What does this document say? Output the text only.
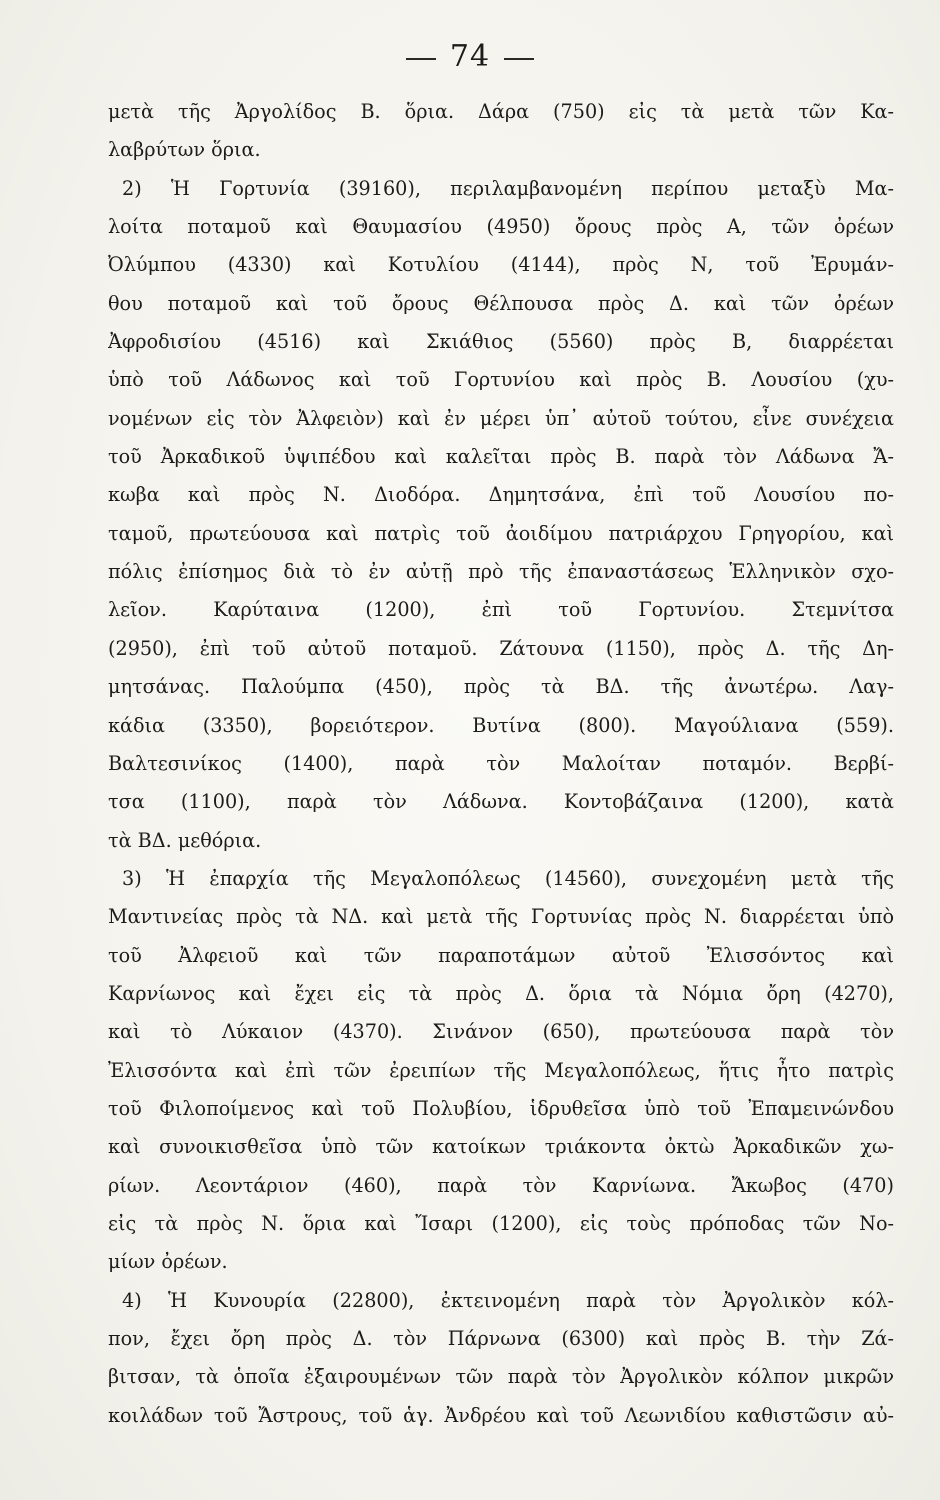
74
μετὰ τῆς Ἀργολίδος Β. ὅρια. Δάρα (750) εἰς τὰ μετὰ τῶν Κα-
λαβρύτων ὅρια.
2) Ἡ Γορτυνία (39160), περιλαμβανομένη περίπου μεταξὺ Μα-
λοίτα ποταμοῦ καὶ Θαυμασίου (4950) ὄρους πρὸς Α, τῶν ὀρέων
Ὀλύμπου (4330) καὶ Κοτυλίου (4144), πρὸς Ν, τοῦ Ἐρυμάν-
θου ποταμοῦ καὶ τοῦ ὄρους Θέλπουσα πρὸς Δ. καὶ τῶν ὀρέων
Ἀφροδισίου (4516) καὶ Σκιάθιος (5560) πρὸς Β, διαρρέεται
ὑπὸ τοῦ Λάδωνος καὶ τοῦ Γορτυνίου καὶ πρὸς Β. Λουσίου (χυ-
νομένων εἰς τὸν Ἀλφειὸν) καὶ ἐν μέρει ὑπ᾽ αὐτοῦ τούτου, εἶνε συνέχεια
τοῦ Ἀρκαδικοῦ ὑψιπέδου καὶ καλεῖται πρὸς Β. παρὰ τὸν Λάδωνα Ἄ-
κωβα καὶ πρὸς Ν. Διοδόρα. Δημητσάνα, ἐπὶ τοῦ Λουσίου πο-
ταμοῦ, πρωτεύουσα καὶ πατρὶς τοῦ ἀοιδίμου πατριάρχου Γρηγορίου, καὶ
πόλις ἐπίσημος διὰ τὸ ἐν αὐτῇ πρὸ τῆς ἐπαναστάσεως Ἑλληνικὸν σχο-
λεῖον. Καρύταινα (1200), ἐπὶ τοῦ Γορτυνίου. Στεμνίτσα
(2950), ἐπὶ τοῦ αὐτοῦ ποταμοῦ. Ζάτουνα (1150), πρὸς Δ. τῆς Δη-
μητσάνας. Παλούμπα (450), πρὸς τὰ ΒΔ. τῆς ἀνωτέρω. Λαγ-
κάδια (3350), βορειότερον. Βυτίνα (800). Μαγούλιανα (559).
Βαλτεσινίκος (1400), παρὰ τὸν Μαλοίταν ποταμόν. Βερβί-
τσα (1100), παρὰ τὸν Λάδωνα. Κοντοβάζαινα (1200), κατὰ
τὰ ΒΔ. μεθόρια.
3) Ἡ ἐπαρχία τῆς Μεγαλοπόλεως (14560), συνεχομένη μετὰ τῆς
Μαντινείας πρὸς τὰ ΝΔ. καὶ μετὰ τῆς Γορτυνίας πρὸς Ν. διαρρέεται ὑπὸ
τοῦ Ἀλφειοῦ καὶ τῶν παραποτάμων αὐτοῦ Ἐλισσόντος καὶ
Καρνίωνος καὶ ἔχει εἰς τὰ πρὸς Δ. ὅρια τὰ Νόμια ὄρη (4270),
καὶ τὸ Λύκαιον (4370). Σινάνον (650), πρωτεύουσα παρὰ τὸν
Ἐλισσόντα καὶ ἐπὶ τῶν ἐρειπίων τῆς Μεγαλοπόλεως, ἥτις ἦτο πατρὶς
τοῦ Φιλοποίμενος καὶ τοῦ Πολυβίου, ἱδρυθεῖσα ὑπὸ τοῦ Ἐπαμεινώνδου
καὶ συνοικισθεῖσα ὑπὸ τῶν κατοίκων τριάκοντα ὀκτὼ Ἀρκαδικῶν χω-
ρίων. Λεοντάριον (460), παρὰ τὸν Καρνίωνα. Ἄκωβος (470)
εἰς τὰ πρὸς Ν. ὅρια καὶ Ἴσαρι (1200), εἰς τοὺς πρόποδας τῶν Νο-
μίων ὀρέων.
4) Ἡ Κυνουρία (22800), ἐκτεινομένη παρὰ τὸν Ἀργολικὸν κόλ-
πον, ἔχει ὄρη πρὸς Δ. τὸν Πάρνωνα (6300) καὶ πρὸς Β. τὴν Ζά-
βιτσαν, τὰ ὁποῖα ἐξαιρουμένων τῶν παρὰ τὸν Ἀργολικὸν κόλπον μικρῶν
κοιλάδων τοῦ Ἄστρους, τοῦ ἁγ. Ἀνδρέου καὶ τοῦ Λεωνιδίου καθιστῶσιν αὐ-
